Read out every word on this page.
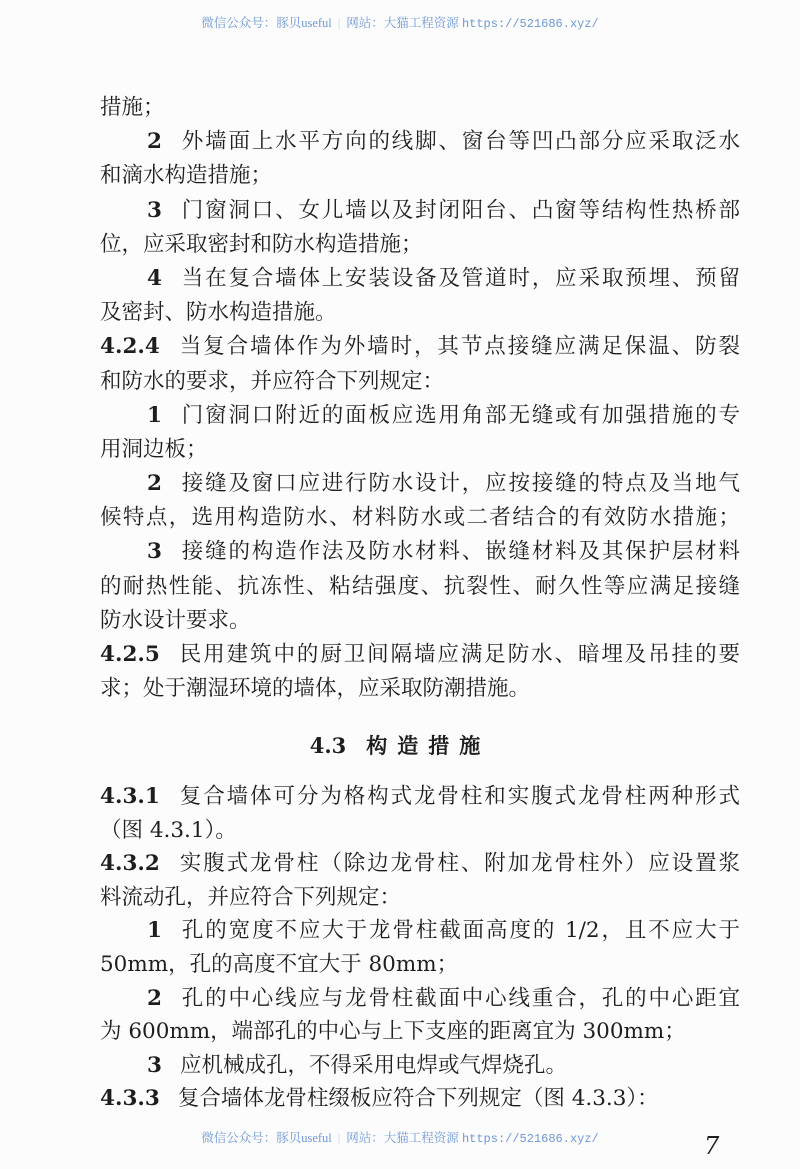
微信公众号：豚贝useful | 网站：大猫工程资源 https://521686.xyz/
措施；
2 外墙面上水平方向的线脚、窗台等凹凸部分应采取泛水
和滴水构造措施；
3 门窗洞口、女儿墙以及封闭阳台、凸窗等结构性热桥部
位，应采取密封和防水构造措施；
4 当在复合墙体上安装设备及管道时，应采取预埋、预留
及密封、防水构造措施。
4.2.4 当复合墙体作为外墙时，其节点接缝应满足保温、防裂
和防水的要求，并应符合下列规定：
1 门窗洞口附近的面板应选用角部无缝或有加强措施的专
用洞边板；
2 接缝及窗口应进行防水设计，应按接缝的特点及当地气
候特点，选用构造防水、材料防水或二者结合的有效防水措施；
3 接缝的构造作法及防水材料、嵌缝材料及其保护层材料
的耐热性能、抗冻性、粘结强度、抗裂性、耐久性等应满足接缝
防水设计要求。
4.2.5 民用建筑中的厨卫间隔墙应满足防水、暗埋及吊挂的要
求；处于潮湿环境的墙体，应采取防潮措施。
4.3 构造措施
4.3.1 复合墙体可分为格构式龙骨柱和实腹式龙骨柱两种形式
（图 4.3.1）。
4.3.2 实腹式龙骨柱（除边龙骨柱、附加龙骨柱外）应设置浆
料流动孔，并应符合下列规定：
1 孔的宽度不应大于龙骨柱截面高度的 1/2，且不应大于
50mm，孔的高度不宜大于 80mm；
2 孔的中心线应与龙骨柱截面中心线重合，孔的中心距宜
为 600mm，端部孔的中心与上下支座的距离宜为 300mm；
3 应机械成孔，不得采用电焊或气焊烧孔。
4.3.3 复合墙体龙骨柱缀板应符合下列规定（图 4.3.3）：
微信公众号：豚贝useful | 网站：大猫工程资源 https://521686.xyz/	7
